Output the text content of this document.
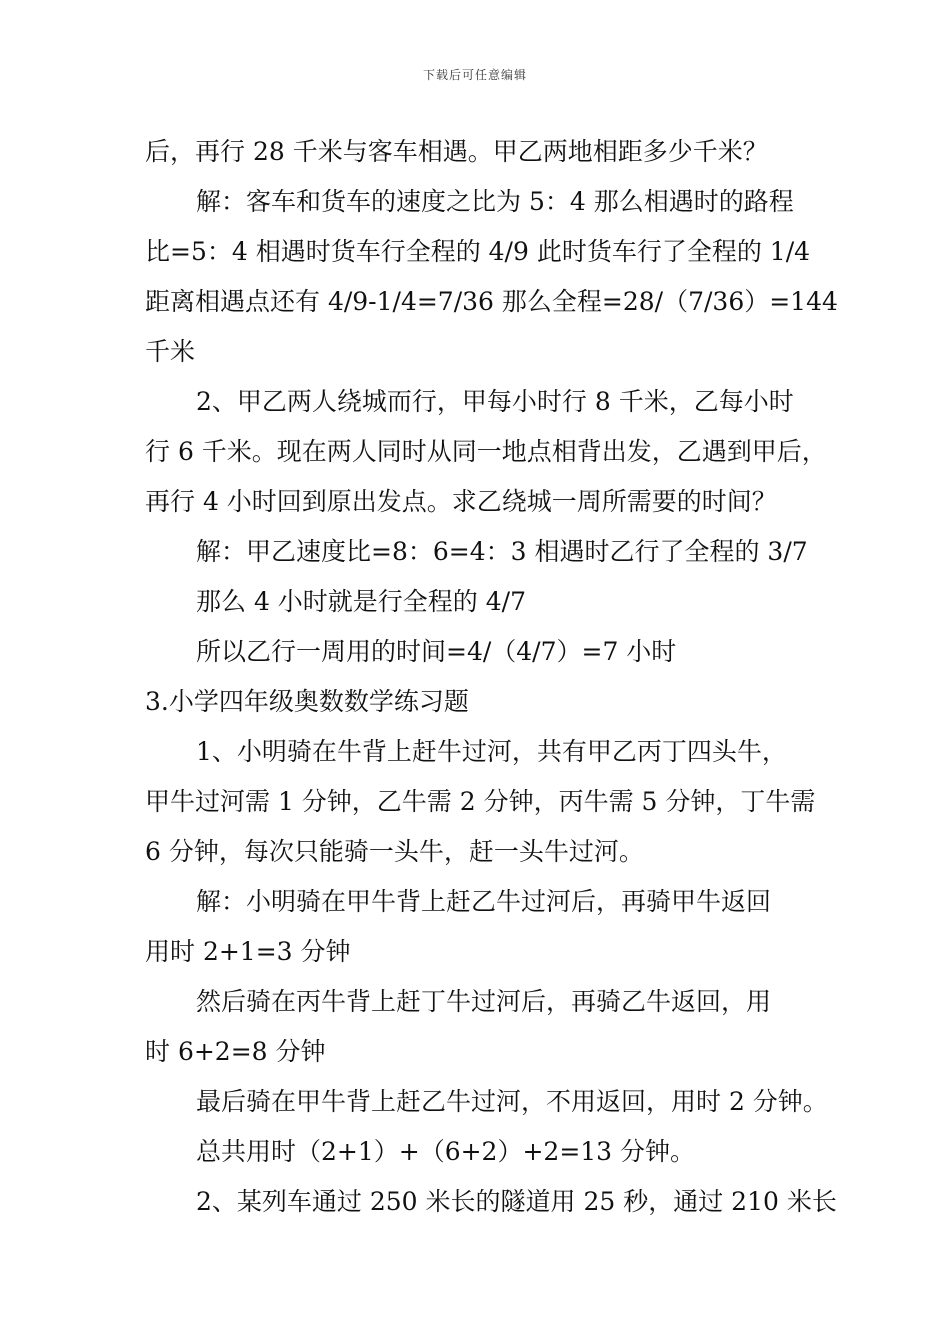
下载后可任意编辑
后，再行 28 千米与客车相遇。甲乙两地相距多少千米？
解：客车和货车的速度之比为 5：4 那么相遇时的路程
比=5：4 相遇时货车行全程的 4/9 此时货车行了全程的 1/4
距离相遇点还有 4/9-1/4=7/36 那么全程=28/（7/36）=144
千米
2、甲乙两人绕城而行，甲每小时行 8 千米，乙每小时
行 6 千米。现在两人同时从同一地点相背出发，乙遇到甲后，
再行 4 小时回到原出发点。求乙绕城一周所需要的时间？
解：甲乙速度比=8：6=4：3 相遇时乙行了全程的 3/7
那么 4 小时就是行全程的 4/7
所以乙行一周用的时间=4/（4/7）=7 小时
3.小学四年级奥数数学练习题
1、小明骑在牛背上赶牛过河，共有甲乙丙丁四头牛，
甲牛过河需 1 分钟，乙牛需 2 分钟，丙牛需 5 分钟，丁牛需
6 分钟，每次只能骑一头牛，赶一头牛过河。
解：小明骑在甲牛背上赶乙牛过河后，再骑甲牛返回
用时 2+1=3 分钟
然后骑在丙牛背上赶丁牛过河后，再骑乙牛返回，用
时 6+2=8 分钟
最后骑在甲牛背上赶乙牛过河，不用返回，用时 2 分钟。
总共用时（2+1）+（6+2）+2=13 分钟。
2、某列车通过 250 米长的隧道用 25 秒，通过 210 米长
